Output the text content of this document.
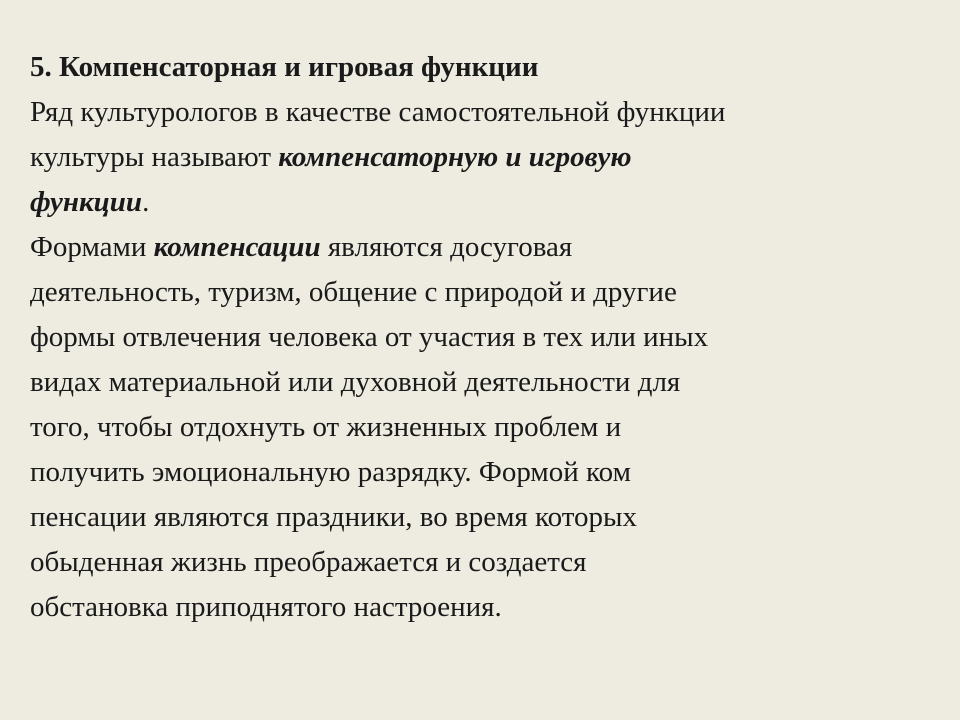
5. Компенсаторная и игровая функции
Ряд культурологов в качестве самостоятельной функции
культуры называют компенсаторную и игровую
функции.
Формами компенсации являются досуговая
деятельность, туризм, общение с природой и другие
формы отвлечения человека от участия в тех или иных
видах материальной или духовной деятельности для
того, чтобы отдохнуть от жизненных проблем и
получить эмоциональную разрядку. Формой ком
пенсации являются праздники, во время которых
обыденная жизнь преображается и создается
обстановка приподнятого настроения.
